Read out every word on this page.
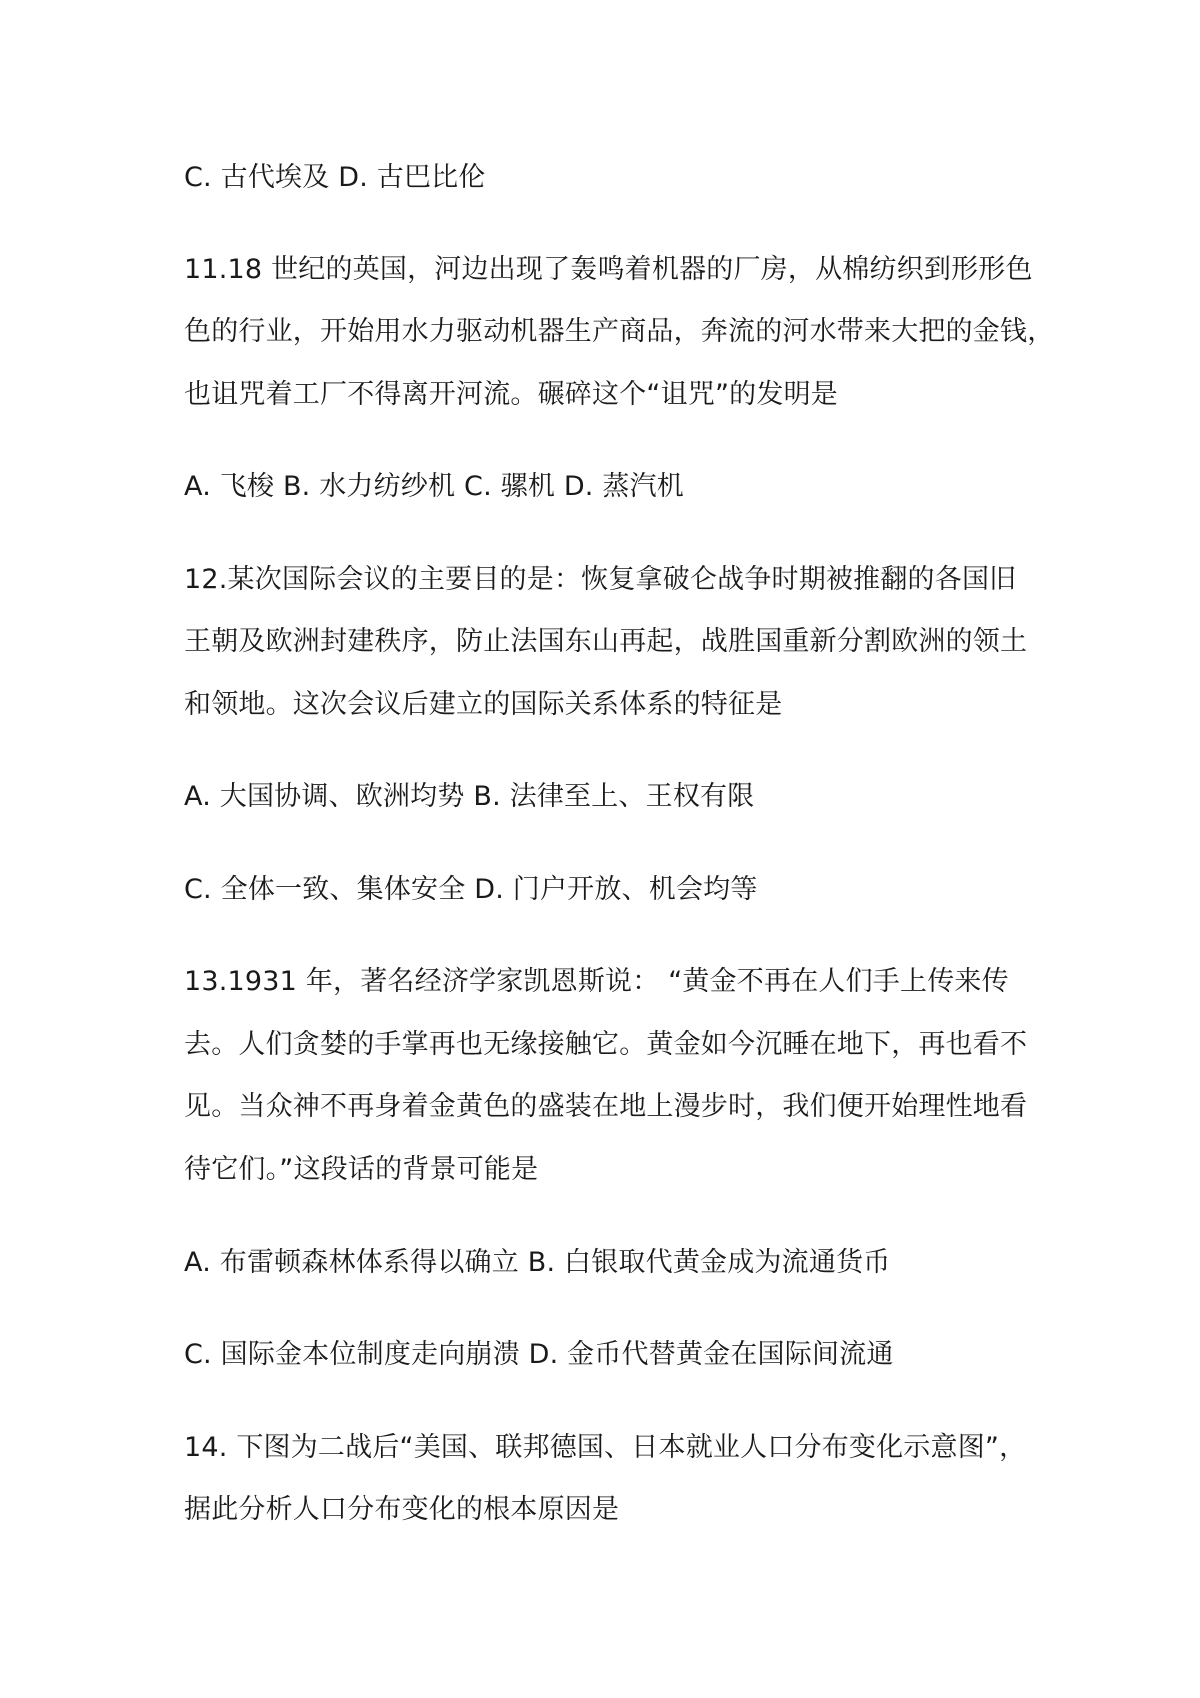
C. 古代埃及 D. 古巴比伦
11.18 世纪的英国，河边出现了轰鸣着机器的厂房，从棉纺织到形形色
色的行业，开始用水力驱动机器生产商品，奔流的河水带来大把的金钱，
也诅咒着工厂不得离开河流。碾碎这个“诅咒”的发明是
A. 飞梭 B. 水力纺纱机 C. 骡机 D. 蒸汽机
12.某次国际会议的主要目的是：恢复拿破仑战争时期被推翻的各国旧
王朝及欧洲封建秩序，防止法国东山再起，战胜国重新分割欧洲的领土
和领地。这次会议后建立的国际关系体系的特征是
A. 大国协调、欧洲均势 B. 法律至上、王权有限
C. 全体一致、集体安全 D. 门户开放、机会均等
13.1931 年，著名经济学家凯恩斯说： “黄金不再在人们手上传来传
去。人们贪婪的手掌再也无缘接触它。黄金如今沉睡在地下，再也看不
见。当众神不再身着金黄色的盛装在地上漫步时，我们便开始理性地看
待它们。”这段话的背景可能是
A. 布雷顿森林体系得以确立 B. 白银取代黄金成为流通货币
C. 国际金本位制度走向崩溃 D. 金币代替黄金在国际间流通
14. 下图为二战后“美国、联邦德国、日本就业人口分布变化示意图”，
据此分析人口分布变化的根本原因是
